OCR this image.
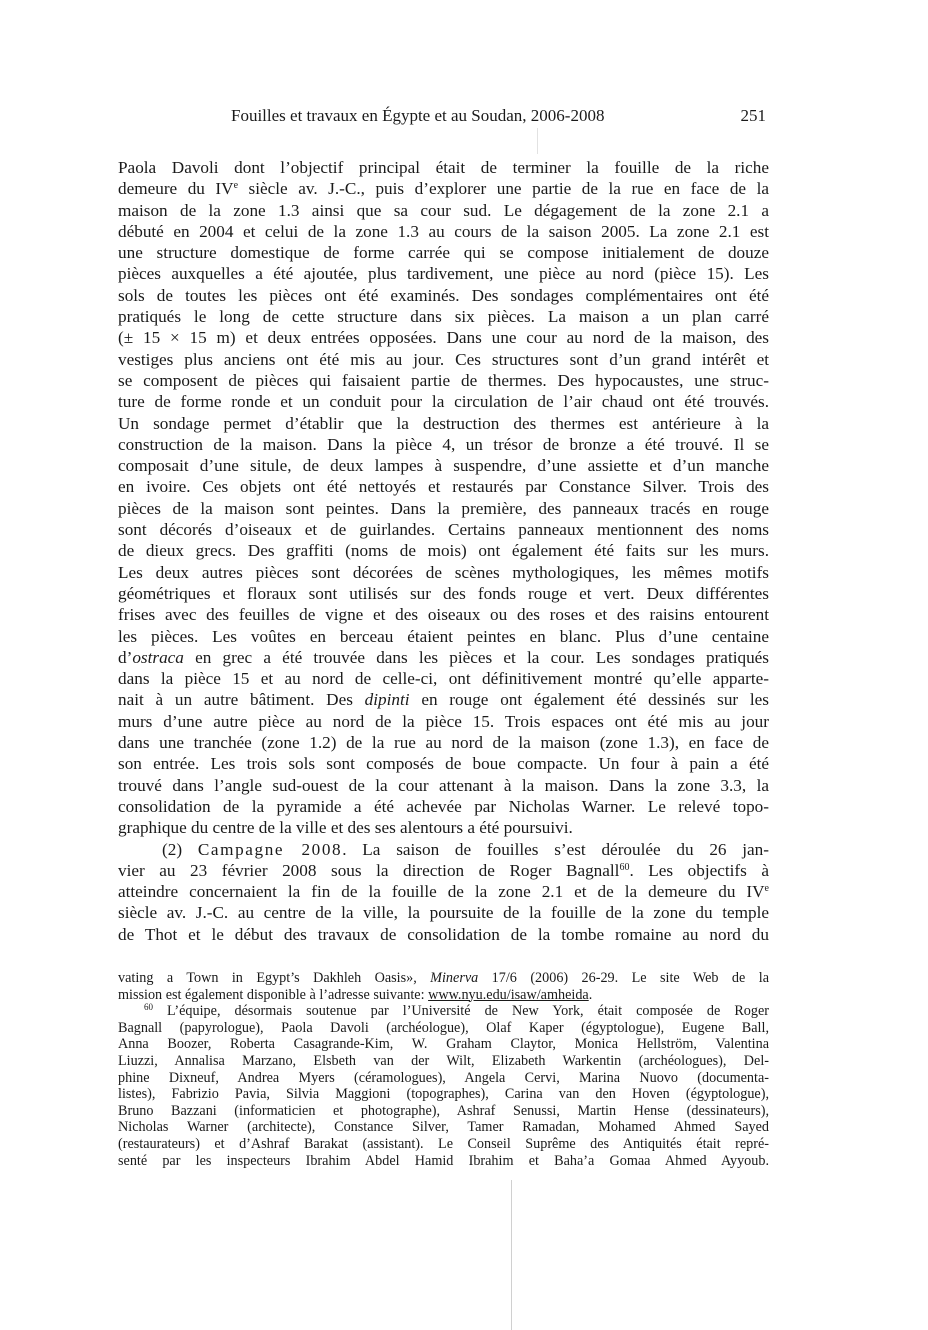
Fouilles et travaux en Égypte et au Soudan, 2006-2008	251
Paola Davoli dont l’objectif principal était de terminer la fouille de la riche
demeure du IVe siècle av. J.-C., puis d’explorer une partie de la rue en face de la
maison de la zone 1.3 ainsi que sa cour sud. Le dégagement de la zone 2.1 a
débuté en 2004 et celui de la zone 1.3 au cours de la saison 2005. La zone 2.1 est
une structure domestique de forme carrée qui se compose initialement de douze
pièces auxquelles a été ajoutée, plus tardivement, une pièce au nord (pièce 15). Les
sols de toutes les pièces ont été examinés. Des sondages complémentaires ont été
pratiqués le long de cette structure dans six pièces. La maison a un plan carré
(± 15 × 15 m) et deux entrées opposées. Dans une cour au nord de la maison, des
vestiges plus anciens ont été mis au jour. Ces structures sont d’un grand intérêt et
se composent de pièces qui faisaient partie de thermes. Des hypocaustes, une struc-
ture de forme ronde et un conduit pour la circulation de l’air chaud ont été trouvés.
Un sondage permet d’établir que la destruction des thermes est antérieure à la
construction de la maison. Dans la pièce 4, un trésor de bronze a été trouvé. Il se
composait d’une situle, de deux lampes à suspendre, d’une assiette et d’un manche
en ivoire. Ces objets ont été nettoyés et restaurés par Constance Silver. Trois des
pièces de la maison sont peintes. Dans la première, des panneaux tracés en rouge
sont décorés d’oiseaux et de guirlandes. Certains panneaux mentionnent des noms
de dieux grecs. Des graffiti (noms de mois) ont également été faits sur les murs.
Les deux autres pièces sont décorées de scènes mythologiques, les mêmes motifs
géométriques et floraux sont utilisés sur des fonds rouge et vert. Deux différentes
frises avec des feuilles de vigne et des oiseaux ou des roses et des raisins entourent
les pièces. Les voûtes en berceau étaient peintes en blanc. Plus d’une centaine
d’ostraca en grec a été trouvée dans les pièces et la cour. Les sondages pratiqués
dans la pièce 15 et au nord de celle-ci, ont définitivement montré qu’elle apparte-
nait à un autre bâtiment. Des dipinti en rouge ont également été dessinés sur les
murs d’une autre pièce au nord de la pièce 15. Trois espaces ont été mis au jour
dans une tranchée (zone 1.2) de la rue au nord de la maison (zone 1.3), en face de
son entrée. Les trois sols sont composés de boue compacte. Un four à pain a été
trouvé dans l’angle sud-ouest de la cour attenant à la maison. Dans la zone 3.3, la
consolidation de la pyramide a été achevée par Nicholas Warner. Le relevé topo-
graphique du centre de la ville et des ses alentours a été poursuivi.
(2) Campagne 2008. La saison de fouilles s’est déroulée du 26 jan-
vier au 23 février 2008 sous la direction de Roger Bagnall$^{60}$. Les objectifs à
atteindre concernaient la fin de la fouille de la zone 2.1 et de la demeure du IVe
siècle av. J.-C. au centre de la ville, la poursuite de la fouille de la zone du temple
de Thot et le début des travaux de consolidation de la tombe romaine au nord du
vating a Town in Egypt’s Dakhleh Oasis», Minerva 17/6 (2006) 26-29. Le site Web de la
mission est également disponible à l’adresse suivante: www.nyu.edu/isaw/amheida.
$^{60}$ L’équipe, désormais soutenue par l’Université de New York, était composée de Roger
Bagnall (papyrologue), Paola Davoli (archéologue), Olaf Kaper (égyptologue), Eugene Ball,
Anna Boozer, Roberta Casagrande-Kim, W. Graham Claytor, Monica Hellström, Valentina
Liuzzi, Annalisa Marzano, Elsbeth van der Wilt, Elizabeth Warkentin (archéologues), Del-
phine Dixneuf, Andrea Myers (céramologues), Angela Cervi, Marina Nuovo (documenta-
listes), Fabrizio Pavia, Silvia Maggioni (topographes), Carina van den Hoven (égyptologue),
Bruno Bazzani (informaticien et photographe), Ashraf Senussi, Martin Hense (dessinateurs),
Nicholas Warner (architecte), Constance Silver, Tamer Ramadan, Mohamed Ahmed Sayed
(restaurateurs) et d’Ashraf Barakat (assistant). Le Conseil Suprême des Antiquités était repré-
senté par les inspecteurs Ibrahim Abdel Hamid Ibrahim et Baha’a Gomaa Ahmed Ayyoub.
